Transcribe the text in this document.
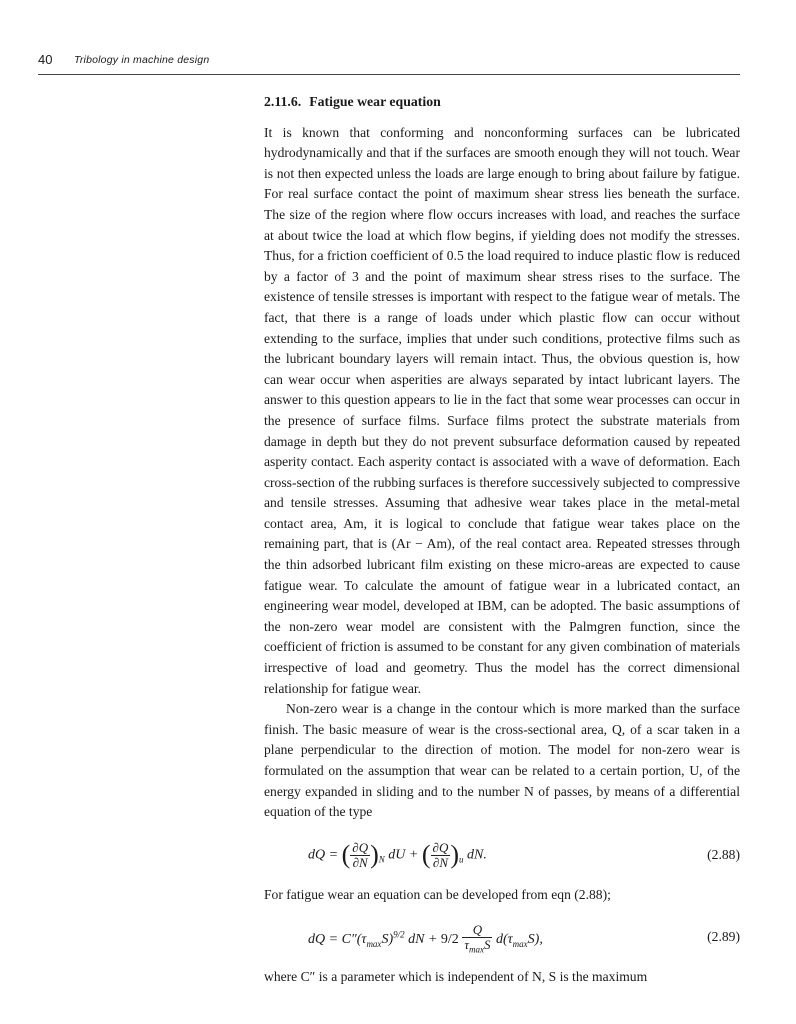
40 Tribology in machine design
2.11.6. Fatigue wear equation

It is known that conforming and nonconforming surfaces can be lubricated hydrodynamically and that if the surfaces are smooth enough they will not touch. Wear is not then expected unless the loads are large enough to bring about failure by fatigue. For real surface contact the point of maximum shear stress lies beneath the surface. The size of the region where flow occurs increases with load, and reaches the surface at about twice the load at which flow begins, if yielding does not modify the stresses. Thus, for a friction coefficient of 0.5 the load required to induce plastic flow is reduced by a factor of 3 and the point of maximum shear stress rises to the surface. The existence of tensile stresses is important with respect to the fatigue wear of metals. The fact, that there is a range of loads under which plastic flow can occur without extending to the surface, implies that under such conditions, protective films such as the lubricant boundary layers will remain intact. Thus, the obvious question is, how can wear occur when asperities are always separated by intact lubricant layers. The answer to this question appears to lie in the fact that some wear processes can occur in the presence of surface films. Surface films protect the substrate materials from damage in depth but they do not prevent subsurface deformation caused by repeated asperity contact. Each asperity contact is associated with a wave of deformation. Each cross-section of the rubbing surfaces is therefore successively subjected to compressive and tensile stresses. Assuming that adhesive wear takes place in the metal-metal contact area, Am, it is logical to conclude that fatigue wear takes place on the remaining part, that is (Ar − Am), of the real contact area. Repeated stresses through the thin adsorbed lubricant film existing on these micro-areas are expected to cause fatigue wear. To calculate the amount of fatigue wear in a lubricated contact, an engineering wear model, developed at IBM, can be adopted. The basic assumptions of the non-zero wear model are consistent with the Palmgren function, since the coefficient of friction is assumed to be constant for any given combination of materials irrespective of load and geometry. Thus the model has the correct dimensional relationship for fatigue wear.

Non-zero wear is a change in the contour which is more marked than the surface finish. The basic measure of wear is the cross-sectional area, Q, of a scar taken in a plane perpendicular to the direction of motion. The model for non-zero wear is formulated on the assumption that wear can be related to a certain portion, U, of the energy expanded in sliding and to the number N of passes, by means of a differential equation of the type

dQ = ( $\frac{\partial Q}{\partial N} )_N$ dU + ( $\frac{\partial Q}{\partial N} )_u$ dN.	(2.88)

For fatigue wear an equation can be developed from eqn (2.88);

dQ = $C''(\tau_{max}S)^{9/2}$ dN + $9/2 \frac{Q}{\tau_{max}S} d(\tau_{max}S)$,	(2.89)

where C″ is a parameter which is independent of N, S is the maximum
